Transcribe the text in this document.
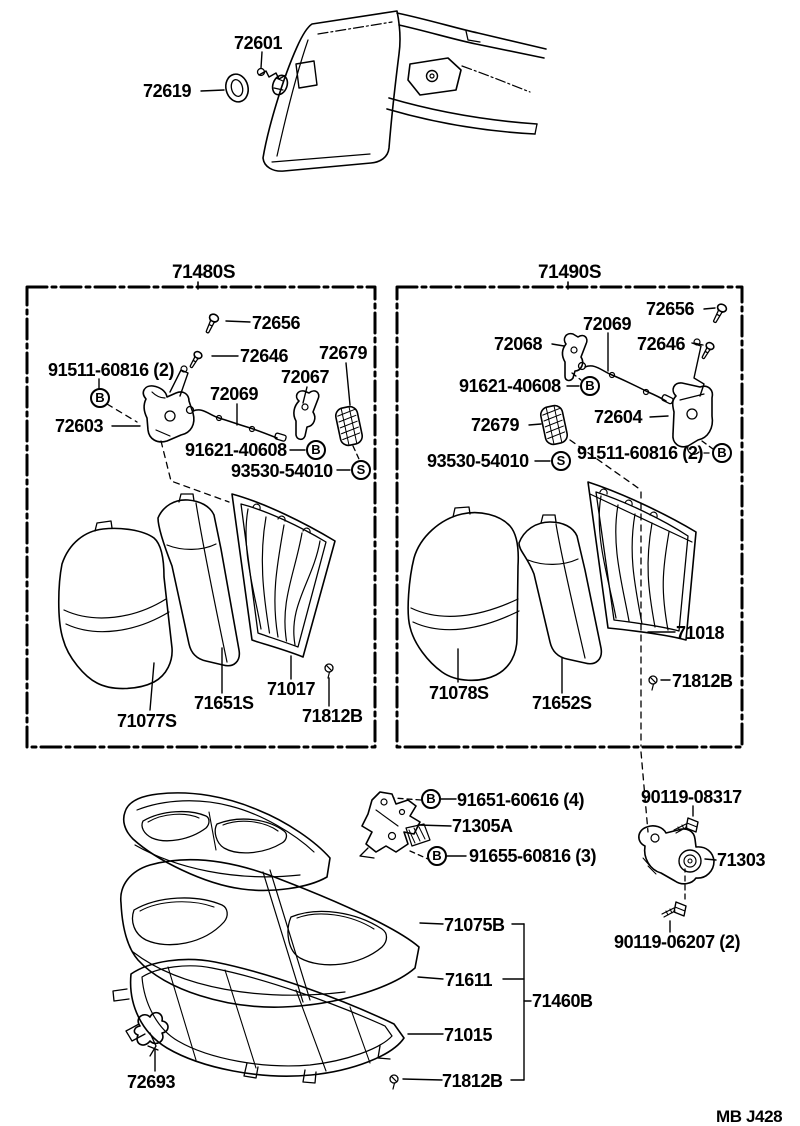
72601
72619
71480S
72656
72646 72679
91511-60816 (2)	72067
72069
72603
91621-40608
93530-54010
71077S
71651S
71017
71812B
71490S
72656
72069
72068	72646
91621-40608
72604
72679
93530-54010	91511-60816 (2)
71078S 71652S
71018
71812B
91651-60616 (4)
71305A
91655-60816 (3)
90119-08317
71303
90119-06207 (2)
71075B
71611
71460B
71015
71812B
72693
MB J428
B
B
S
B
B
S
B
B
